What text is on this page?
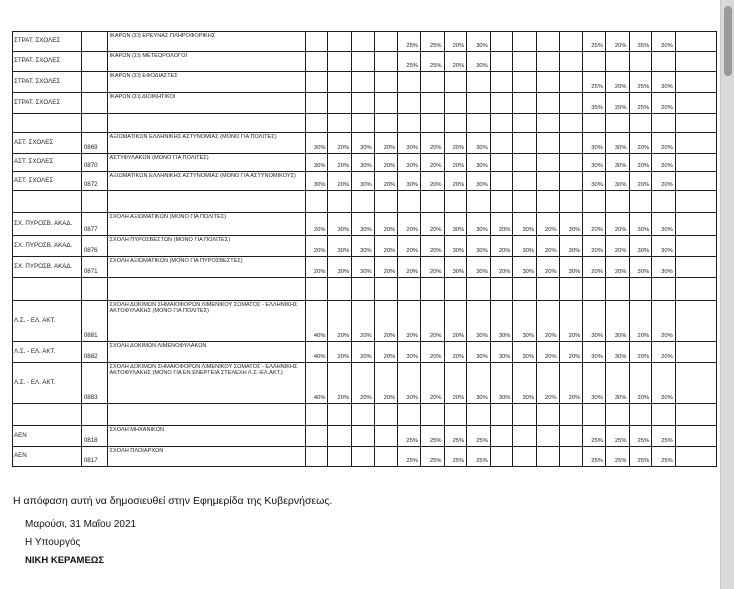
ΣΤΡΑΤ. ΣΧΟΛΕΣ		ΙΚΑΡΩΝ (ΣΙ) ΕΡΕΥΝΑΣ ΠΛΗΡΟΦΟΡΙΚΗΣ					25%	25%	20%	30%					25%	20%	35%	20%	
ΣΤΡΑΤ. ΣΧΟΛΕΣ		ΙΚΑΡΩΝ (ΣΙ) ΜΕΤΕΩΡΟΛΟΓΟΙ					25%	25%	20%	30%									
ΣΤΡΑΤ. ΣΧΟΛΕΣ		ΙΚΑΡΩΝ (ΣΙ) ΕΦΟΔΙΑΣΤΕΣ													25%	20%	25%	30%	
ΣΤΡΑΤ. ΣΧΟΛΕΣ		ΙΚΑΡΩΝ (ΣΙ) ΔΙΟΙΚΗΤΙΚΟΙ													35%	20%	25%	20%	

ΑΣΤ. ΣΧΟΛΕΣ	0869	ΑΞΙΩΜΑΤΙΚΩΝ ΕΛΛΗΝΙΚΗΣ ΑΣΤΥΝΟΜΙΑΣ (ΜΟΝΟ ΓΙΑ ΠΟΛΙΤΕΣ)	30%	20%	30%	20%	30%	20%	20%	30%					30%	30%	20%	20%	
ΑΣΤ. ΣΧΟΛΕΣ	0870	ΑΣΤΥΦΥΛΑΚΩΝ (ΜΟΝΟ ΓΙΑ ΠΟΛΙΤΕΣ)	30%	20%	30%	20%	30%	20%	20%	30%					30%	30%	20%	20%	
ΑΣΤ. ΣΧΟΛΕΣ	0872	ΑΞΙΩΜΑΤΙΚΩΝ ΕΛΛΗΝΙΚΗΣ ΑΣΤΥΝΟΜΙΑΣ (ΜΟΝΟ ΓΙΑ ΑΣΤΥΝΟΜΙΚΟΥΣ)	30%	20%	30%	20%	30%	20%	20%	30%					30%	30%	20%	20%	

ΣΧ. ΠΥΡΟΣΒ. ΑΚΑΔ.	0877	ΣΧΟΛΗ ΑΞΙΩΜΑΤΙΚΩΝ (ΜΟΝΟ ΓΙΑ ΠΟΛΙΤΕΣ)	20%	30%	30%	20%	20%	20%	30%	30%	20%	30%	20%	30%	20%	20%	30%	30%	
ΣΧ. ΠΥΡΟΣΒ. ΑΚΑΔ.	0876	ΣΧΟΛΗ ΠΥΡΟΣΒΕΣΤΩΝ (ΜΟΝΟ ΓΙΑ ΠΟΛΙΤΕΣ)	20%	30%	30%	20%	20%	20%	30%	30%	20%	30%	20%	30%	20%	20%	30%	30%	
ΣΧ. ΠΥΡΟΣΒ. ΑΚΑΔ.	0871	ΣΧΟΛΗ ΑΞΙΩΜΑΤΙΚΩΝ (ΜΟΝΟ ΓΙΑ ΠΥΡΟΣΒΕΣΤΕΣ)	20%	30%	30%	20%	20%	20%	30%	30%	20%	30%	20%	30%	20%	20%	30%	30%	

Λ.Σ. - ΕΛ. ΑΚΤ.	0881	ΣΧΟΛΗ ΔΟΚΙΜΩΝ ΣΗΜΑΙΟΦΟΡΩΝ ΛΙΜΕΝΙΚΟΥ ΣΩΜΑΤΟΣ - ΕΛΛΗΝΙΚΗΣ ΑΚΤΟΦΥΛΑΚΗΣ (ΜΟΝΟ ΓΙΑ ΠΟΛΙΤΕΣ)	40%	20%	20%	20%	30%	20%	20%	30%	30%	30%	20%	20%	30%	30%	20%	20%	
Λ.Σ. - ΕΛ. ΑΚΤ.	0882	ΣΧΟΛΗ ΔΟΚΙΜΩΝ ΛΙΜΕΝΟΦΥΛΑΚΩΝ	40%	20%	20%	20%	30%	20%	20%	30%	30%	30%	20%	20%	30%	30%	20%	20%	
Λ.Σ. - ΕΛ. ΑΚΤ.	0883	ΣΧΟΛΗ ΔΟΚΙΜΩΝ ΣΗΜΑΙΟΦΟΡΩΝ ΛΙΜΕΝΙΚΟΥ ΣΩΜΑΤΟΣ - ΕΛΛΗΝΙΚΗΣ ΑΚΤΟΦΥΛΑΚΗΣ (ΜΟΝΟ ΓΙΑ ΕΝ ΕΝΕΡΓΕΙΑ ΣΤΕΛΕΧΗ Λ.Σ.-ΕΛ.ΑΚΤ.)	40%	20%	20%	20%	30%	20%	20%	30%	30%	30%	20%	20%	30%	30%	20%	20%	

ΑΕΝ	0818	ΣΧΟΛΗ ΜΗΧΑΝΙΚΩΝ					25%	25%	25%	25%					25%	25%	25%	25%	
ΑΕΝ	0817	ΣΧΟΛΗ ΠΛΟΙΑΡΧΩΝ					25%	25%	25%	25%					25%	25%	25%	25%	
Η απόφαση αυτή να δημοσιευθεί στην Εφημερίδα της Κυβερνήσεως.
Μαρούσι, 31 Μαΐου 2021
Η Υπουργός
ΝΙΚΗ ΚΕΡΑΜΕΩΣ
